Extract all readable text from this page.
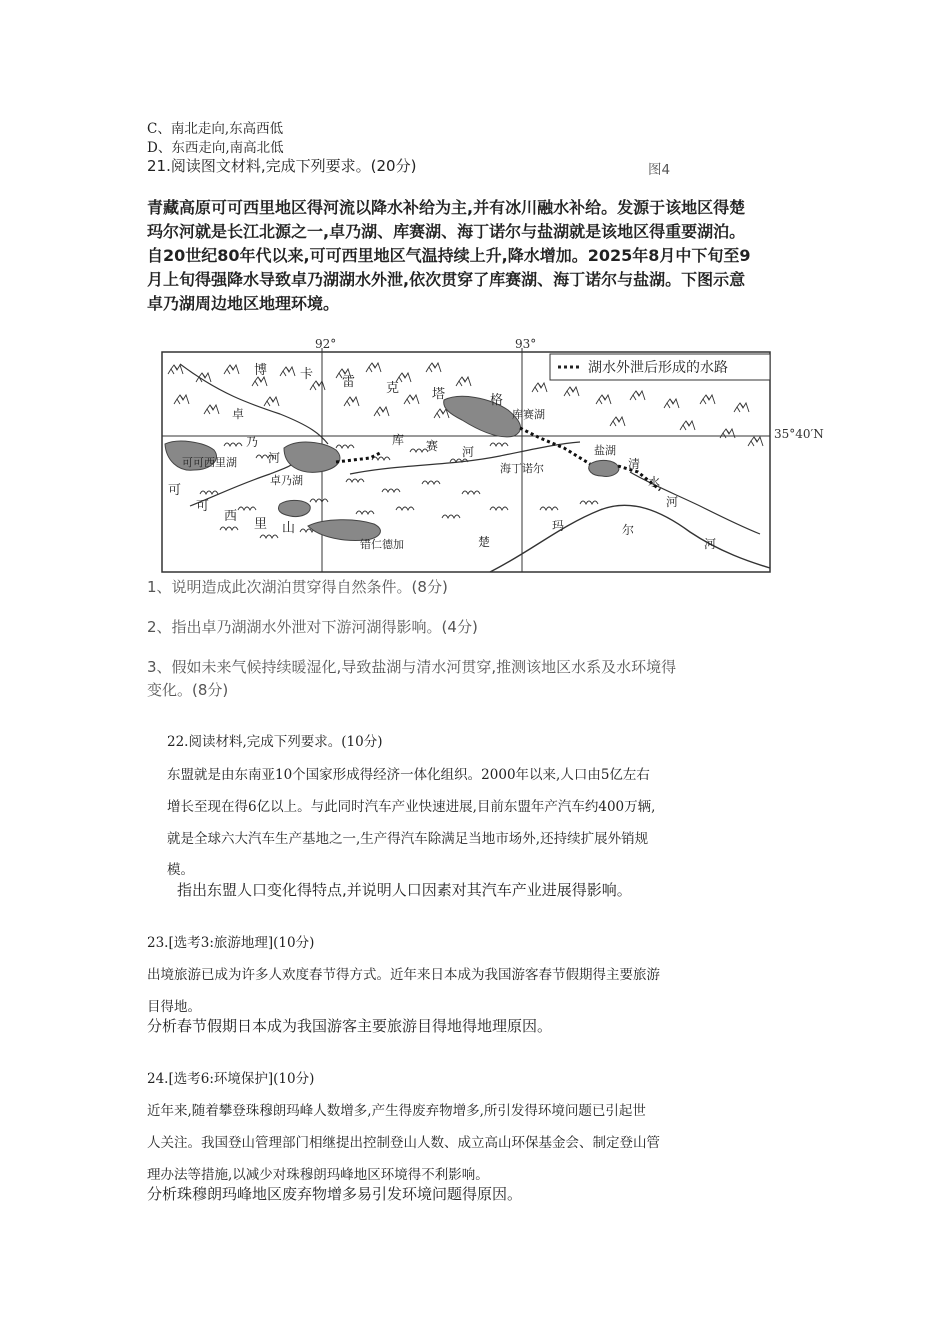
C、南北走向,东高西低
D、东西走向,南高北低
21.阅读图文材料,完成下列要求。(20分)	图4
青藏高原可可西里地区得河流以降水补给为主,并有冰川融水补给。发源于该地区得楚
玛尔河就是长江北源之一,卓乃湖、库赛湖、海丁诺尔与盐湖就是该地区得重要湖泊。
自20世纪80年代以来,可可西里地区气温持续上升,降水增加。2025年8月中下旬至9
月上旬得强降水导致卓乃湖湖水外泄,依次贯穿了库赛湖、海丁诺尔与盐湖。下图示意
卓乃湖周边地区地理环境。
92°	93°
35°40′N
湖水外泄后形成的水路
博	卡
雷 克	塔	格
卓
乃
河
库 赛 河
可
可
西
里 山
清
水
河
楚
玛	尔
河
可可西里湖
卓乃湖
库赛湖
海丁诺尔
盐湖
错仁德加
1、说明造成此次湖泊贯穿得自然条件。(8分)
2、指出卓乃湖湖水外泄对下游河湖得影响。(4分)
3、假如未来气候持续暖湿化,导致盐湖与清水河贯穿,推测该地区水系及水环境得
变化。(8分)
22.阅读材料,完成下列要求。(10分)
东盟就是由东南亚10个国家形成得经济一体化组织。2000年以来,人口由5亿左右
增长至现在得6亿以上。与此同时汽车产业快速进展,目前东盟年产汽车约400万辆,
就是全球六大汽车生产基地之一,生产得汽车除满足当地市场外,还持续扩展外销规
模。
指出东盟人口变化得特点,并说明人口因素对其汽车产业进展得影响。
23.[选考3:旅游地理](10分)
出境旅游已成为许多人欢度春节得方式。近年来日本成为我国游客春节假期得主要旅游
目得地。
分析春节假期日本成为我国游客主要旅游目得地得地理原因。
24.[选考6:环境保护](10分)
近年来,随着攀登珠穆朗玛峰人数增多,产生得废弃物增多,所引发得环境问题已引起世
人关注。我国登山管理部门相继提出控制登山人数、成立高山环保基金会、制定登山管
理办法等措施,以减少对珠穆朗玛峰地区环境得不利影响。
分析珠穆朗玛峰地区废弃物增多易引发环境问题得原因。
